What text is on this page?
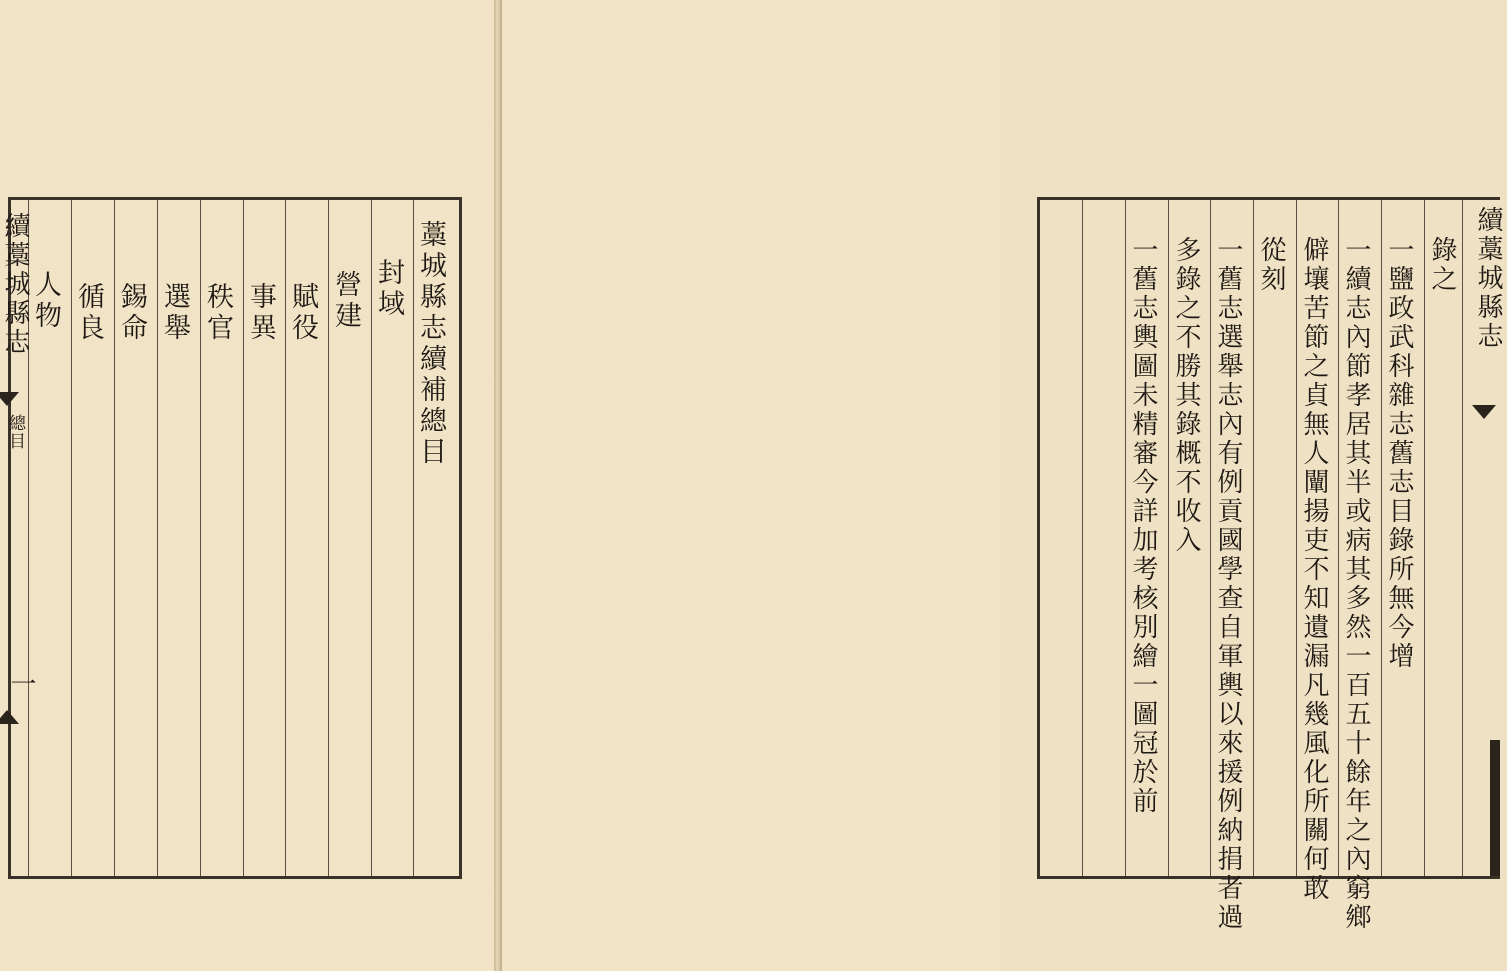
藁城縣志續補總目
封域
營建
賦役
事異
秩官
選舉
錫命
循良
人物
續藁城縣志
總目
一
續藁城縣志
錄之
一鹽政武科雜志舊志目錄所無今增
一續志內節孝居其半或病其多然一百五十餘年之內窮鄉
僻壤苦節之貞無人闡揚吏不知遺漏凡幾風化所關何敢
從刻
一舊志選舉志內有例貢國學查自軍輿以來援例納捐者過
多錄之不勝其錄概不收入
一舊志輿圖未精審今詳加考核別繪一圖冠於前
